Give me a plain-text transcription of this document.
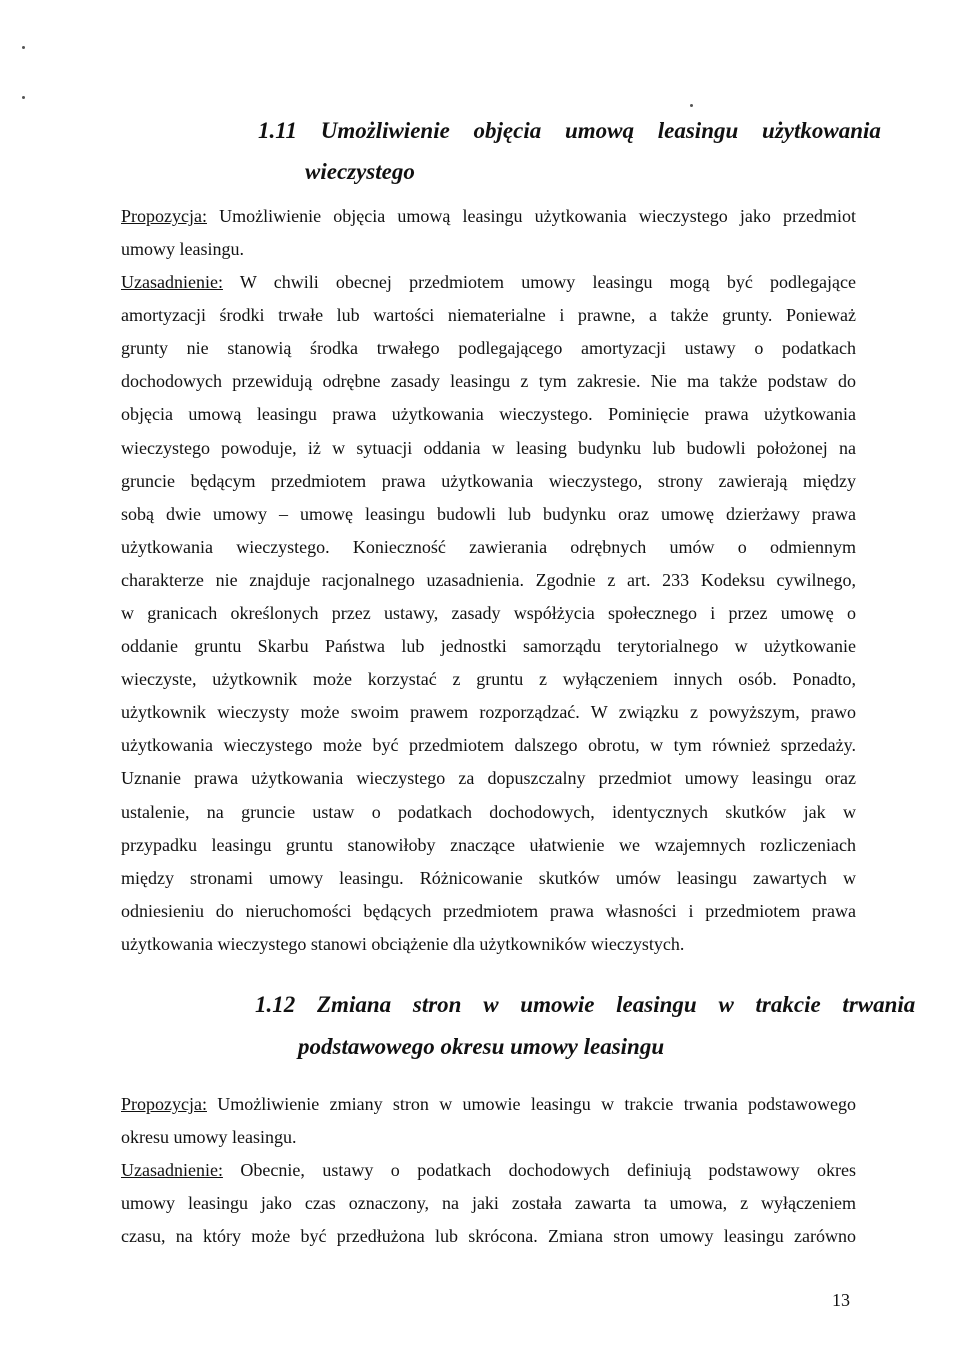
1.11 Umożliwienie objęcia umową leasingu użytkowania
wieczystego
Propozycja: Umożliwienie objęcia umową leasingu użytkowania wieczystego jako przedmiot
umowy leasingu.
Uzasadnienie: W chwili obecnej przedmiotem umowy leasingu mogą być podlegające
amortyzacji środki trwałe lub wartości niematerialne i prawne, a także grunty. Ponieważ
grunty nie stanowią środka trwałego podlegającego amortyzacji ustawy o podatkach
dochodowych przewidują odrębne zasady leasingu z tym zakresie. Nie ma także podstaw do
objęcia umową leasingu prawa użytkowania wieczystego. Pominięcie prawa użytkowania
wieczystego powoduje, iż w sytuacji oddania w leasing budynku lub budowli położonej na
gruncie będącym przedmiotem prawa użytkowania wieczystego, strony zawierają między
sobą dwie umowy – umowę leasingu budowli lub budynku oraz umowę dzierżawy prawa
użytkowania wieczystego. Konieczność zawierania odrębnych umów o odmiennym
charakterze nie znajduje racjonalnego uzasadnienia. Zgodnie z art. 233 Kodeksu cywilnego,
w granicach określonych przez ustawy, zasady współżycia społecznego i przez umowę o
oddanie gruntu Skarbu Państwa lub jednostki samorządu terytorialnego w użytkowanie
wieczyste, użytkownik może korzystać z gruntu z wyłączeniem innych osób. Ponadto,
użytkownik wieczysty może swoim prawem rozporządzać. W związku z powyższym, prawo
użytkowania wieczystego może być przedmiotem dalszego obrotu, w tym również sprzedaży.
Uznanie prawa użytkowania wieczystego za dopuszczalny przedmiot umowy leasingu oraz
ustalenie, na gruncie ustaw o podatkach dochodowych, identycznych skutków jak w
przypadku leasingu gruntu stanowiłoby znaczące ułatwienie we wzajemnych rozliczeniach
między stronami umowy leasingu. Różnicowanie skutków umów leasingu zawartych w
odniesieniu do nieruchomości będących przedmiotem prawa własności i przedmiotem prawa
użytkowania wieczystego stanowi obciążenie dla użytkowników wieczystych.
1.12 Zmiana stron w umowie leasingu w trakcie trwania
podstawowego okresu umowy leasingu
Propozycja: Umożliwienie zmiany stron w umowie leasingu w trakcie trwania podstawowego
okresu umowy leasingu.
Uzasadnienie: Obecnie, ustawy o podatkach dochodowych definiują podstawowy okres
umowy leasingu jako czas oznaczony, na jaki została zawarta ta umowa, z wyłączeniem
czasu, na który może być przedłużona lub skrócona. Zmiana stron umowy leasingu zarówno
13
